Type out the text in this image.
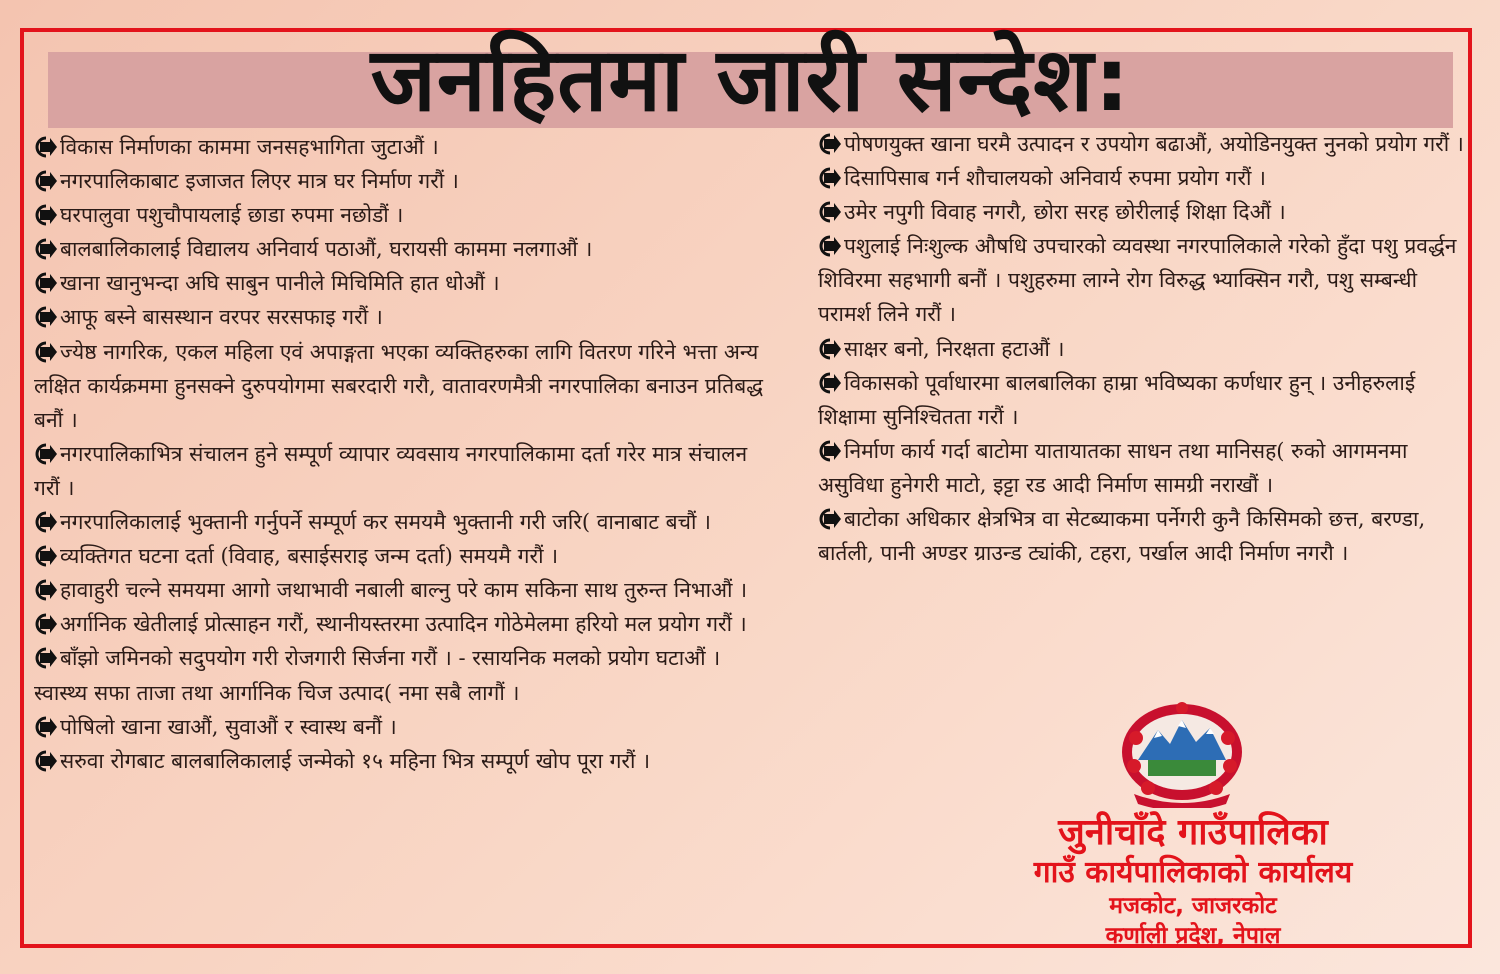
जनहितमा जारी सन्देश:

विकास निर्माणका काममा जनसहभागिता जुटाऔं ।

नगरपालिकाबाट इजाजत लिएर मात्र घर निर्माण गरौं ।

घरपालुवा पशुचौपायलाई छाडा रुपमा नछोडौं ।

बालबालिकालाई विद्यालय अनिवार्य पठाऔं, घरायसी काममा नलगाऔं ।

खाना खानुभन्दा अघि साबुन पानीले मिचिमिति हात धोऔं ।

आफू बस्ने बासस्थान वरपर सरसफाइ गरौं ।

ज्येष्ठ नागरिक, एकल महिला एवं अपाङ्गता भएका व्यक्तिहरुका लागि वितरण गरिने भत्ता अन्य लक्षित कार्यक्रममा हुनसक्ने दुरुपयोगमा सबरदारी गरौ, वातावरणमैत्री नगरपालिका बनाउन प्रतिबद्ध बनौं ।

नगरपालिकाभित्र संचालन हुने सम्पूर्ण व्यापार व्यवसाय नगरपालिकामा दर्ता गरेर मात्र संचालन गरौं ।

नगरपालिकालाई भुक्तानी गर्नुपर्ने सम्पूर्ण कर समयमै भुक्तानी गरी जरि( वानाबाट बचौं ।

व्यक्तिगत घटना दर्ता (विवाह, बसाईसराइ जन्म दर्ता) समयमै गरौं ।

हावाहुरी चल्ने समयमा आगो जथाभावी नबाली बाल्नु परे काम सकिना साथ तुरुन्त निभाऔं ।

अर्गानिक खेतीलाई प्रोत्साहन गरौं, स्थानीयस्तरमा उत्पादिन गोठेमेलमा हरियो मल प्रयोग गरौं ।

बाँझो जमिनको सदुपयोग गरी रोजगारी सिर्जना गरौं । - रसायनिक मलको प्रयोग घटाऔं । स्वास्थ्य सफा ताजा तथा आर्गानिक चिज उत्पाद( नमा सबै लागौं ।

पोषिलो खाना खाऔं, सुवाऔं र स्वास्थ बनौं ।

सरुवा रोगबाट बालबालिकालाई जन्मेको १५ महिना भित्र सम्पूर्ण खोप पूरा गरौं ।

पोषणयुक्त खाना घरमै उत्पादन र उपयोग बढाऔं, अयोडिनयुक्त नुनको प्रयोग गरौं ।

दिसापिसाब गर्न शौचालयको अनिवार्य रुपमा प्रयोग गरौं ।

उमेर नपुगी विवाह नगरौ, छोरा सरह छोरीलाई शिक्षा दिऔं ।

पशुलाई निःशुल्क औषधि उपचारको व्यवस्था नगरपालिकाले गरेको हुँदा पशु प्रवर्द्धन शिविरमा सहभागी बनौं । पशुहरुमा लाग्ने रोग विरुद्ध भ्याक्सिन गरौ, पशु सम्बन्धी परामर्श लिने गरौं ।

साक्षर बनो, निरक्षता हटाऔं ।

विकासको पूर्वाधारमा बालबालिका हाम्रा भविष्यका कर्णधार हुन् । उनीहरुलाई शिक्षामा सुनिश्चितता गरौं ।

निर्माण कार्य गर्दा बाटोमा यातायातका साधन तथा मानिसह( रुको आगमनमा असुविधा हुनेगरी माटो, इट्टा रड आदी निर्माण सामग्री नराखौं ।

बाटोका अधिकार क्षेत्रभित्र वा सेटब्याकमा पर्नेगरी कुनै किसिमको छत्त, बरण्डा, बार्तली, पानी अण्डर ग्राउन्ड ट्यांकी, टहरा, पर्खाल आदी निर्माण नगरौ ।

जुनीचाँदे गाउँपालिका
गाउँ कार्यपालिकाको कार्यालय
मजकोट, जाजरकोट
कर्णाली प्रदेश, नेपाल
